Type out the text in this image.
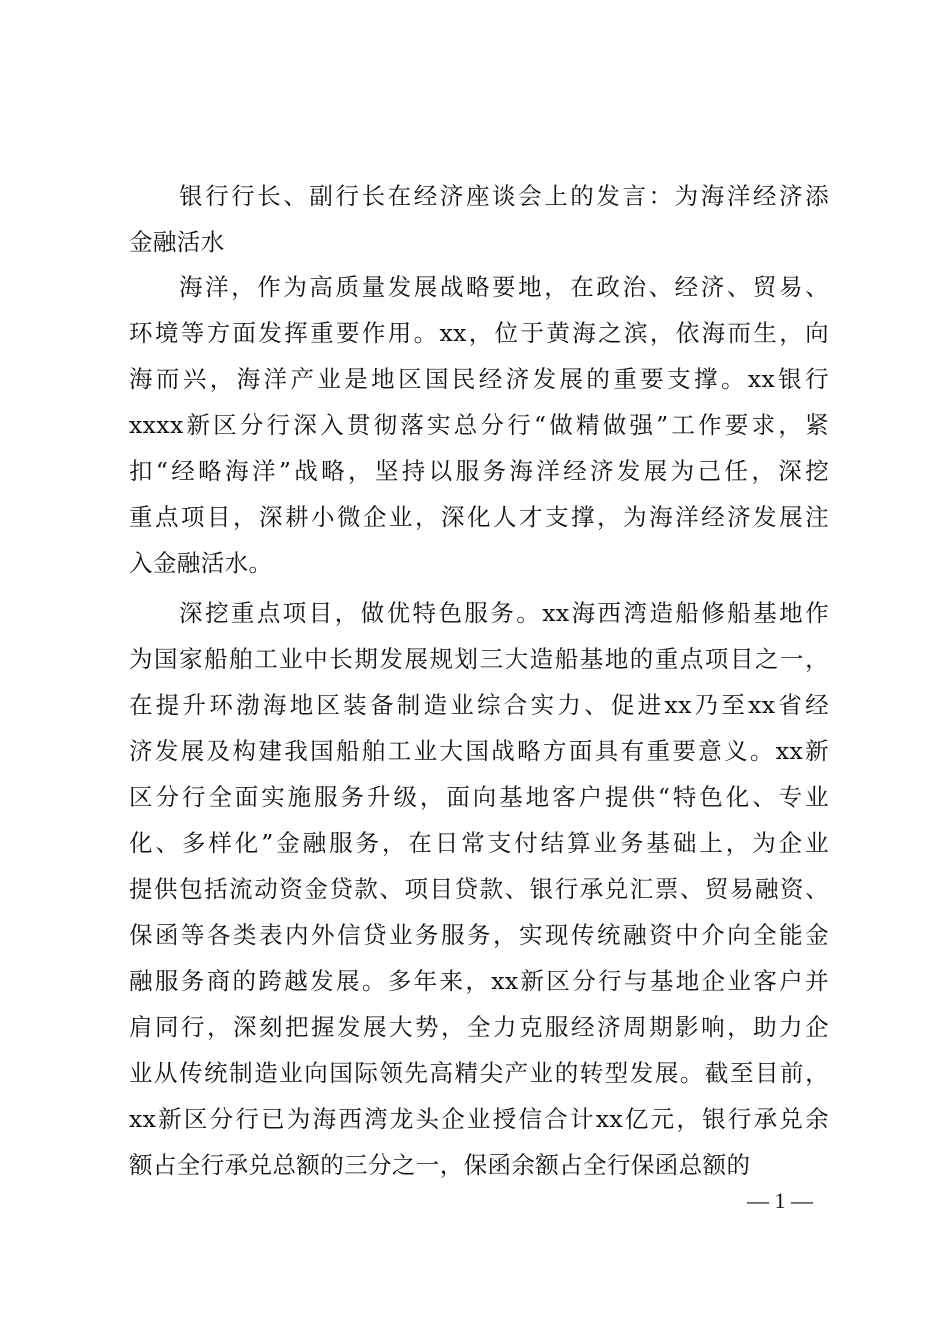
银行行长、副行长在经济座谈会上的发言：为海洋经济添
金融活水
海洋，作为高质量发展战略要地，在政治、经济、贸易、
环境等方面发挥重要作用。xx，位于黄海之滨，依海而生，向
海而兴，海洋产业是地区国民经济发展的重要支撑。xx银行
xxxx新区分行深入贯彻落实总分行“做精做强”工作要求，紧
扣“经略海洋”战略，坚持以服务海洋经济发展为己任，深挖
重点项目，深耕小微企业，深化人才支撑，为海洋经济发展注
入金融活水。
深挖重点项目，做优特色服务。xx海西湾造船修船基地作
为国家船舶工业中长期发展规划三大造船基地的重点项目之一，
在提升环渤海地区装备制造业综合实力、促进xx乃至xx省经
济发展及构建我国船舶工业大国战略方面具有重要意义。xx新
区分行全面实施服务升级，面向基地客户提供“特色化、专业
化、多样化”金融服务，在日常支付结算业务基础上，为企业
提供包括流动资金贷款、项目贷款、银行承兑汇票、贸易融资、
保函等各类表内外信贷业务服务，实现传统融资中介向全能金
融服务商的跨越发展。多年来，xx新区分行与基地企业客户并
肩同行，深刻把握发展大势，全力克服经济周期影响，助力企
业从传统制造业向国际领先高精尖产业的转型发展。截至目前，
xx新区分行已为海西湾龙头企业授信合计xx亿元，银行承兑余
额占全行承兑总额的三分之一，保函余额占全行保函总额的
— 1 —
